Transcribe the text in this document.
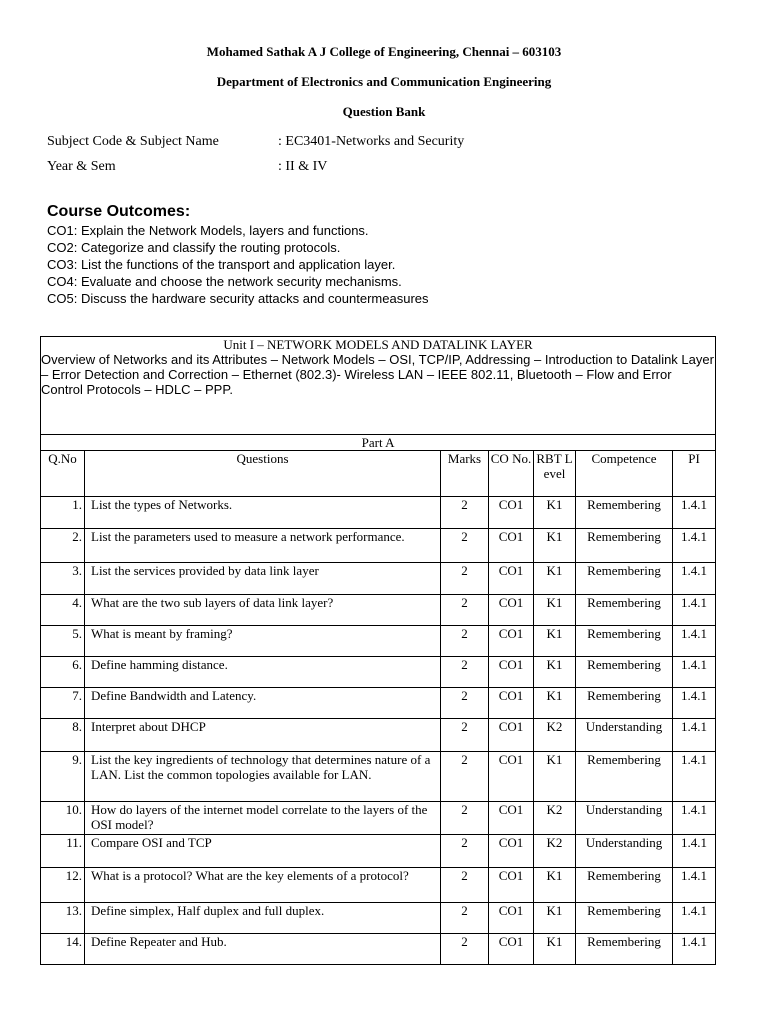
Mohamed Sathak A J College of Engineering, Chennai – 603103
Department of Electronics and Communication Engineering
Question Bank
Subject Code & Subject Name	: EC3401-Networks and Security
Year & Sem	: II & IV
Course Outcomes:
CO1: Explain the Network Models, layers and functions.
CO2: Categorize and classify the routing protocols.
CO3: List the functions of the transport and application layer.
CO4: Evaluate and choose the network security mechanisms.
CO5: Discuss the hardware security attacks and countermeasures
Unit I – NETWORK MODELS AND DATALINK LAYER						
Overview of Networks and its Attributes – Network Models – OSI, TCP/IP, Addressing – Introduction to Datalink Layer – Error Detection and Correction – Ethernet (802.3)- Wireless LAN – IEEE 802.11, Bluetooth – Flow and Error Control Protocols – HDLC – PPP.						
Part A						
Q.No	Questions	Marks	CO No.	RBT Level	Competence	PI
1.	List the types of Networks.	2	CO1	K1	Remembering	1.4.1
2.	List the parameters used to measure a network performance.	2	CO1	K1	Remembering	1.4.1
3.	List the services provided by data link layer	2	CO1	K1	Remembering	1.4.1
4.	What are the two sub layers of data link layer?	2	CO1	K1	Remembering	1.4.1
5.	What is meant by framing?	2	CO1	K1	Remembering	1.4.1
6.	Define hamming distance.	2	CO1	K1	Remembering	1.4.1
7.	Define Bandwidth and Latency.	2	CO1	K1	Remembering	1.4.1
8.	Interpret about DHCP	2	CO1	K2	Understanding	1.4.1
9.	List the key ingredients of technology that determines nature of a LAN. List the common topologies available for LAN.	2	CO1	K1	Remembering	1.4.1
10.	How do layers of the internet model correlate to the layers of the OSI model?	2	CO1	K2	Understanding	1.4.1
11.	Compare OSI and TCP	2	CO1	K2	Understanding	1.4.1
12.	What is a protocol? What are the key elements of a protocol?	2	CO1	K1	Remembering	1.4.1
13.	Define simplex, Half duplex and full duplex.	2	CO1	K1	Remembering	1.4.1
14.	Define Repeater and Hub.	2	CO1	K1	Remembering	1.4.1
